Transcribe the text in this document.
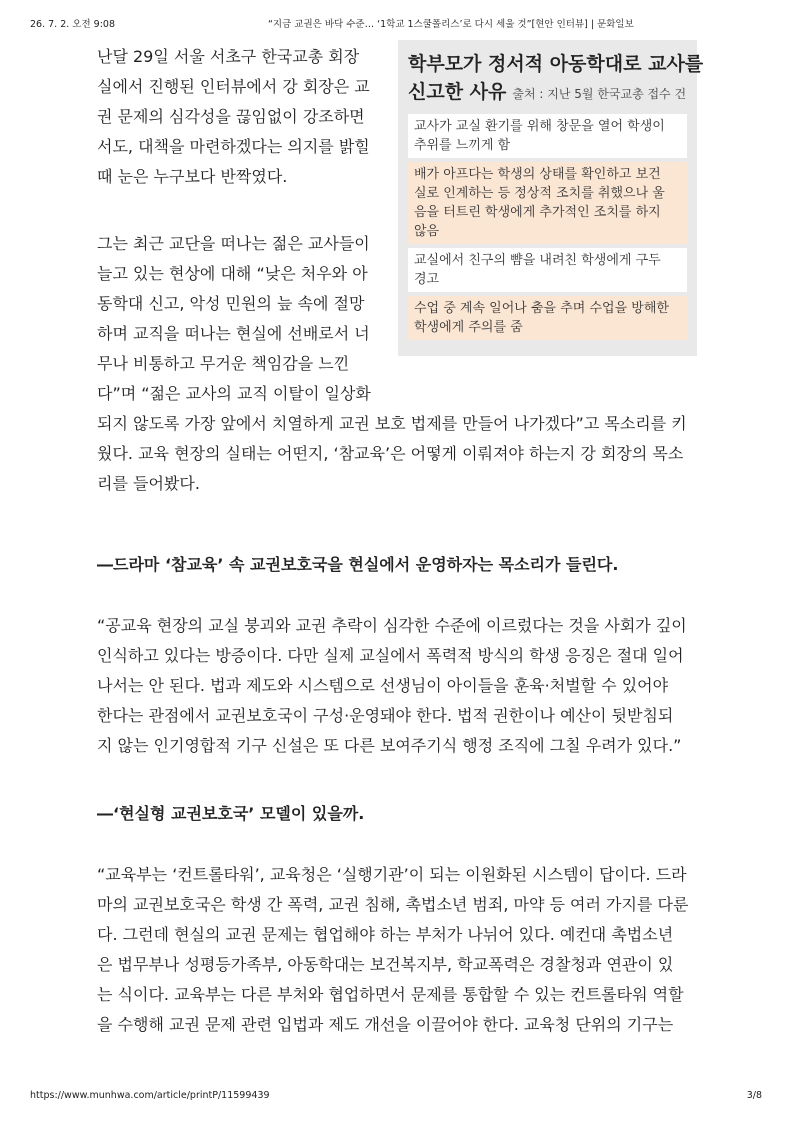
26. 7. 2. 오전 9:08	“지금 교권은 바닥 수준… ‘1학교 1스쿨폴리스’로 다시 세울 것”[현안 인터뷰] | 문화일보
난달 29일 서울 서초구 한국교총 회장
실에서 진행된 인터뷰에서 강 회장은 교
권 문제의 심각성을 끊임없이 강조하면
서도, 대책을 마련하겠다는 의지를 밝힐
때 눈은 누구보다 반짝였다.
그는 최근 교단을 떠나는 젊은 교사들이
늘고 있는 현상에 대해 “낮은 처우와 아
동학대 신고, 악성 민원의 늪 속에 절망
하며 교직을 떠나는 현실에 선배로서 너
무나 비통하고 무거운 책임감을 느낀
다”며 “젊은 교사의 교직 이탈이 일상화
되지 않도록 가장 앞에서 치열하게 교권 보호 법제를 만들어 나가겠다”고 목소리를 키
웠다. 교육 현장의 실태는 어떤지, ‘참교육’은 어떻게 이뤄져야 하는지 강 회장의 목소
리를 들어봤다.
학부모가 정서적 아동학대로 교사를
신고한 사유 출처 : 지난 5월 한국교총 접수 건
교사가 교실 환기를 위해 창문을 열어 학생이
추위를 느끼게 함
배가 아프다는 학생의 상태를 확인하고 보건
실로 인계하는 등 정상적 조치를 취했으나 울
음을 터트린 학생에게 추가적인 조치를 하지
않음
교실에서 친구의 뺨을 내려친 학생에게 구두
경고
수업 중 계속 일어나 춤을 추며 수업을 방해한
학생에게 주의를 줌
―드라마 ‘참교육’ 속 교권보호국을 현실에서 운영하자는 목소리가 들린다.
“공교육 현장의 교실 붕괴와 교권 추락이 심각한 수준에 이르렀다는 것을 사회가 깊이
인식하고 있다는 방증이다. 다만 실제 교실에서 폭력적 방식의 학생 응징은 절대 일어
나서는 안 된다. 법과 제도와 시스템으로 선생님이 아이들을 훈육·처벌할 수 있어야
한다는 관점에서 교권보호국이 구성·운영돼야 한다. 법적 권한이나 예산이 뒷받침되
지 않는 인기영합적 기구 신설은 또 다른 보여주기식 행정 조직에 그칠 우려가 있다.”
―‘현실형 교권보호국’ 모델이 있을까.
“교육부는 ‘컨트롤타워’, 교육청은 ‘실행기관’이 되는 이원화된 시스템이 답이다. 드라
마의 교권보호국은 학생 간 폭력, 교권 침해, 촉법소년 범죄, 마약 등 여러 가지를 다룬
다. 그런데 현실의 교권 문제는 협업해야 하는 부처가 나뉘어 있다. 예컨대 촉법소년
은 법무부나 성평등가족부, 아동학대는 보건복지부, 학교폭력은 경찰청과 연관이 있
는 식이다. 교육부는 다른 부처와 협업하면서 문제를 통합할 수 있는 컨트롤타워 역할
을 수행해 교권 문제 관련 입법과 제도 개선을 이끌어야 한다. 교육청 단위의 기구는
https://www.munhwa.com/article/printP/11599439	3/8
